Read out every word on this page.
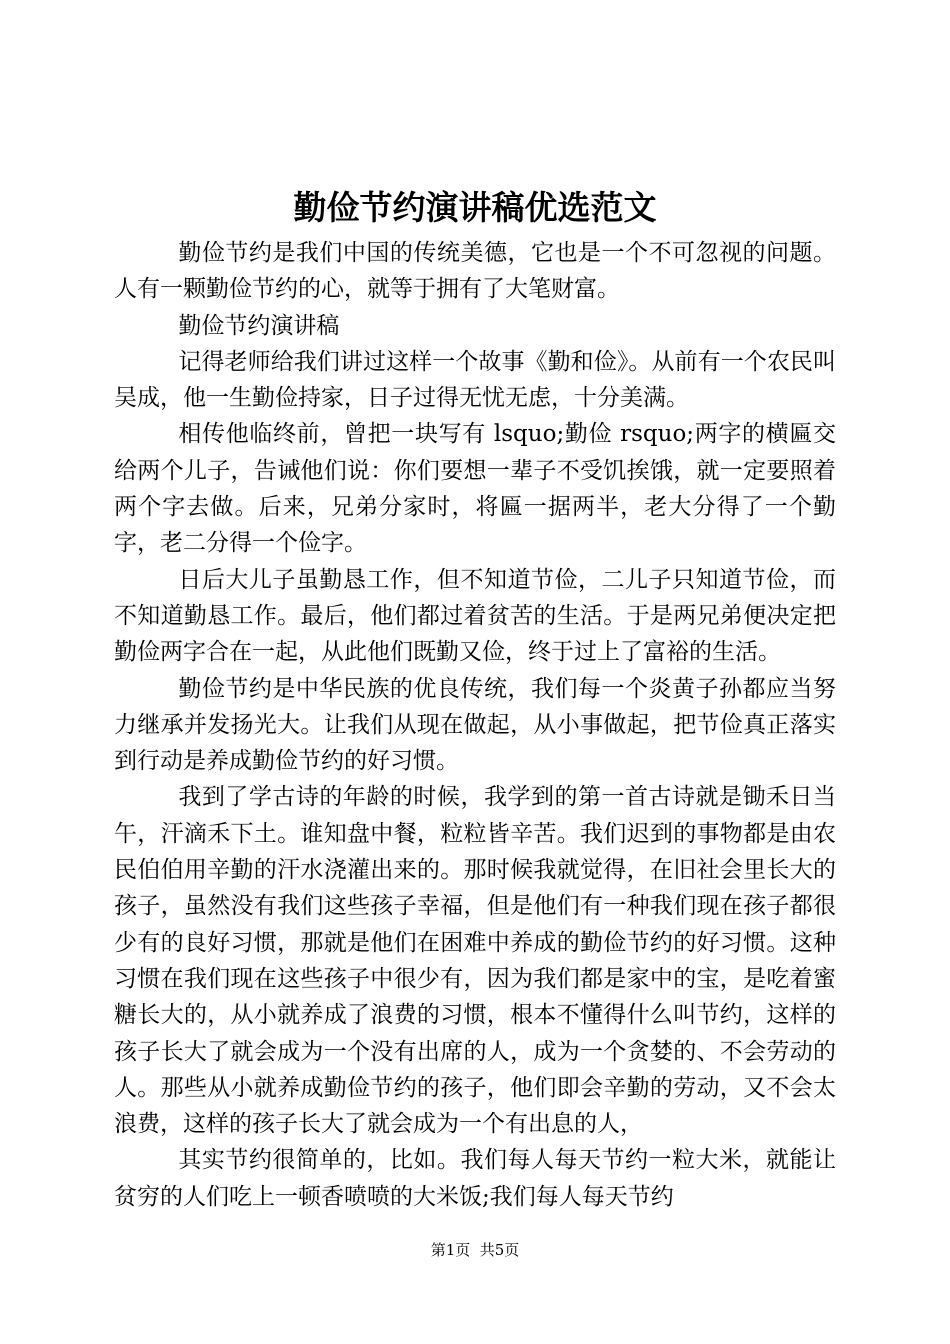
勤俭节约演讲稿优选范文

勤俭节约是我们中国的传统美德，它也是一个不可忽视的问题。人有一颗勤俭节约的心，就等于拥有了大笔财富。

勤俭节约演讲稿

记得老师给我们讲过这样一个故事《勤和俭》。从前有一个农民叫吴成，他一生勤俭持家，日子过得无忧无虑，十分美满。

相传他临终前，曾把一块写有 lsquo;勤俭 rsquo;两字的横匾交给两个儿子，告诫他们说：你们要想一辈子不受饥挨饿，就一定要照着两个字去做。后来，兄弟分家时，将匾一据两半，老大分得了一个勤字，老二分得一个俭字。

日后大儿子虽勤恳工作，但不知道节俭，二儿子只知道节俭，而不知道勤恳工作。最后，他们都过着贫苦的生活。于是两兄弟便决定把勤俭两字合在一起，从此他们既勤又俭，终于过上了富裕的生活。

勤俭节约是中华民族的优良传统，我们每一个炎黄子孙都应当努力继承并发扬光大。让我们从现在做起，从小事做起，把节俭真正落实到行动是养成勤俭节约的好习惯。

我到了学古诗的年龄的时候，我学到的第一首古诗就是锄禾日当午，汗滴禾下土。谁知盘中餐，粒粒皆辛苦。我们迟到的事物都是由农民伯伯用辛勤的汗水浇灌出来的。那时候我就觉得，在旧社会里长大的孩子，虽然没有我们这些孩子幸福，但是他们有一种我们现在孩子都很少有的良好习惯，那就是他们在困难中养成的勤俭节约的好习惯。这种习惯在我们现在这些孩子中很少有，因为我们都是家中的宝，是吃着蜜糖长大的，从小就养成了浪费的习惯，根本不懂得什么叫节约，这样的孩子长大了就会成为一个没有出席的人，成为一个贪婪的、不会劳动的人。那些从小就养成勤俭节约的孩子，他们即会辛勤的劳动，又不会太浪费，这样的孩子长大了就会成为一个有出息的人，

其实节约很简单的，比如。我们每人每天节约一粒大米，就能让贫穷的人们吃上一顿香喷喷的大米饭;我们每人每天节约

第1页  共5页
